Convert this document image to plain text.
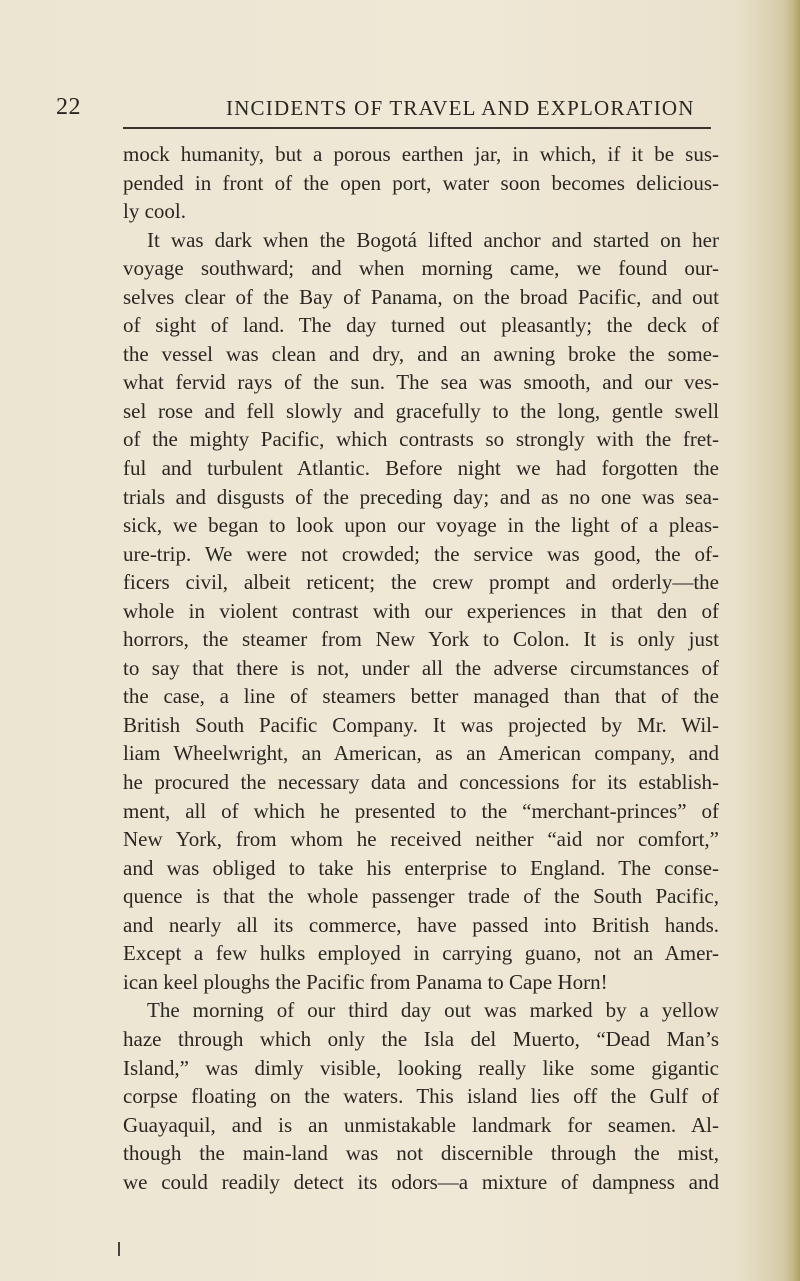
22	INCIDENTS OF TRAVEL AND EXPLORATION
mock humanity, but a porous earthen jar, in which, if it be sus-
pended in front of the open port, water soon becomes delicious-
ly cool.
It was dark when the Bogotá lifted anchor and started on her
voyage southward; and when morning came, we found our-
selves clear of the Bay of Panama, on the broad Pacific, and out
of sight of land. The day turned out pleasantly; the deck of
the vessel was clean and dry, and an awning broke the some-
what fervid rays of the sun. The sea was smooth, and our ves-
sel rose and fell slowly and gracefully to the long, gentle swell
of the mighty Pacific, which contrasts so strongly with the fret-
ful and turbulent Atlantic. Before night we had forgotten the
trials and disgusts of the preceding day; and as no one was sea-
sick, we began to look upon our voyage in the light of a pleas-
ure-trip. We were not crowded; the service was good, the of-
ficers civil, albeit reticent; the crew prompt and orderly—the
whole in violent contrast with our experiences in that den of
horrors, the steamer from New York to Colon. It is only just
to say that there is not, under all the adverse circumstances of
the case, a line of steamers better managed than that of the
British South Pacific Company. It was projected by Mr. Wil-
liam Wheelwright, an American, as an American company, and
he procured the necessary data and concessions for its establish-
ment, all of which he presented to the “merchant-princes” of
New York, from whom he received neither “aid nor comfort,”
and was obliged to take his enterprise to England. The conse-
quence is that the whole passenger trade of the South Pacific,
and nearly all its commerce, have passed into British hands.
Except a few hulks employed in carrying guano, not an Amer-
ican keel ploughs the Pacific from Panama to Cape Horn!
The morning of our third day out was marked by a yellow
haze through which only the Isla del Muerto, “Dead Man’s
Island,” was dimly visible, looking really like some gigantic
corpse floating on the waters. This island lies off the Gulf of
Guayaquil, and is an unmistakable landmark for seamen. Al-
though the main-land was not discernible through the mist,
we could readily detect its odors—a mixture of dampness and
